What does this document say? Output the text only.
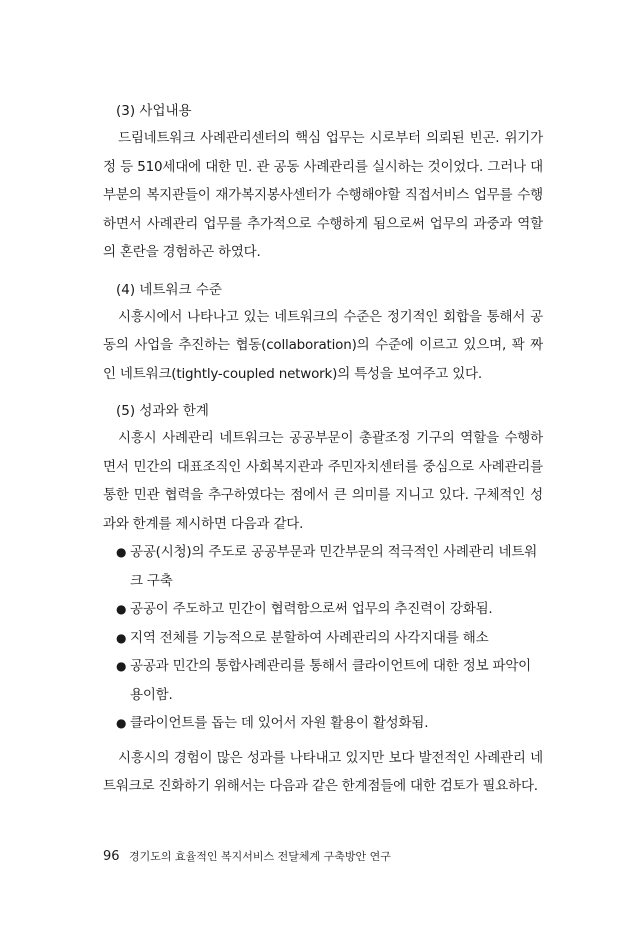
(3) 사업내용

드림네트워크 사례관리센터의 핵심 업무는 시로부터 의뢰된 빈곤. 위기가정 등 510세대에 대한 민. 관 공동 사례관리를 실시하는 것이었다. 그러나 대부분의 복지관들이 재가복지봉사센터가 수행해야할 직접서비스 업무를 수행하면서 사례관리 업무를 추가적으로 수행하게 됨으로써 업무의 과중과 역할의 혼란을 경험하곤 하였다.

(4) 네트워크 수준

시흥시에서 나타나고 있는 네트워크의 수준은 정기적인 회합을 통해서 공동의 사업을 추진하는 협동(collaboration)의 수준에 이르고 있으며, 꽉 짜인 네트워크(tightly-coupled network)의 특성을 보여주고 있다.

(5) 성과와 한계

시흥시 사례관리 네트워크는 공공부문이 총괄조정 기구의 역할을 수행하면서 민간의 대표조직인 사회복지관과 주민자치센터를 중심으로 사례관리를 통한 민관 협력을 추구하였다는 점에서 큰 의미를 지니고 있다. 구체적인 성과와 한계를 제시하면 다음과 같다.

● 공공(시청)의 주도로 공공부문과 민간부문의 적극적인 사례관리 네트워크 구축
● 공공이 주도하고 민간이 협력함으로써 업무의 추진력이 강화됨.
● 지역 전체를 기능적으로 분할하여 사례관리의 사각지대를 해소
● 공공과 민간의 통합사례관리를 통해서 클라이언트에 대한 정보 파악이 용이함.
● 클라이언트를 돕는 데 있어서 자원 활용이 활성화됨.

시흥시의 경험이 많은 성과를 나타내고 있지만 보다 발전적인 사례관리 네트워크로 진화하기 위해서는 다음과 같은 한계점들에 대한 검토가 필요하다.

96 경기도의 효율적인 복지서비스 전달체계 구축방안 연구
